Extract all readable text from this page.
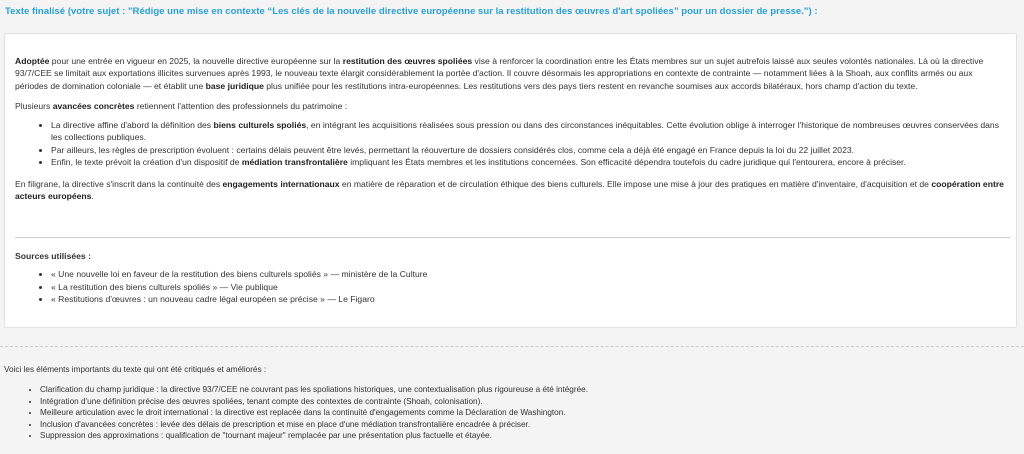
Texte finalisé (votre sujet : "Rédige une mise en contexte “Les clés de la nouvelle directive européenne sur la restitution des œuvres d'art spoliées” pour un dossier de presse.") :

Adoptée pour une entrée en vigueur en 2025, la nouvelle directive européenne sur la restitution des œuvres spoliées vise à renforcer la coordination entre les États membres sur un sujet autrefois laissé aux seules volontés nationales. Là où la directive 93/7/CEE se limitait aux exportations illicites survenues après 1993, le nouveau texte élargit considérablement la portée d'action. Il couvre désormais les appropriations en contexte de contrainte — notamment liées à la Shoah, aux conflits armés ou aux périodes de domination coloniale — et établit une base juridique plus unifiée pour les restitutions intra-européennes. Les restitutions vers des pays tiers restent en revanche soumises aux accords bilatéraux, hors champ d'action du texte.

Plusieurs avancées concrètes retiennent l'attention des professionnels du patrimoine :

• La directive affine d'abord la définition des biens culturels spoliés, en intégrant les acquisitions réalisées sous pression ou dans des circonstances inéquitables. Cette évolution oblige à interroger l'historique de nombreuses œuvres conservées dans les collections publiques.
• Par ailleurs, les règles de prescription évoluent : certains délais peuvent être levés, permettant la réouverture de dossiers considérés clos, comme cela a déjà été engagé en France depuis la loi du 22 juillet 2023.
• Enfin, le texte prévoit la création d'un dispositif de médiation transfrontalière impliquant les États membres et les institutions concernées. Son efficacité dépendra toutefois du cadre juridique qui l'entourera, encore à préciser.

En filigrane, la directive s'inscrit dans la continuité des engagements internationaux en matière de réparation et de circulation éthique des biens culturels. Elle impose une mise à jour des pratiques en matière d'inventaire, d'acquisition et de coopération entre acteurs européens.

Sources utilisées :
• « Une nouvelle loi en faveur de la restitution des biens culturels spoliés » — ministère de la Culture
• « La restitution des biens culturels spoliés » — Vie publique
• « Restitutions d'œuvres : un nouveau cadre légal européen se précise » — Le Figaro

Voici les éléments importants du texte qui ont été critiqués et améliorés :

• Clarification du champ juridique : la directive 93/7/CEE ne couvrant pas les spoliations historiques, une contextualisation plus rigoureuse a été intégrée.
• Intégration d'une définition précise des œuvres spoliées, tenant compte des contextes de contrainte (Shoah, colonisation).
• Meilleure articulation avec le droit international : la directive est replacée dans la continuité d'engagements comme la Déclaration de Washington.
• Inclusion d'avancées concrètes : levée des délais de prescription et mise en place d'une médiation transfrontalière encadrée à préciser.
• Suppression des approximations : qualification de "tournant majeur" remplacée par une présentation plus factuelle et étayée.
